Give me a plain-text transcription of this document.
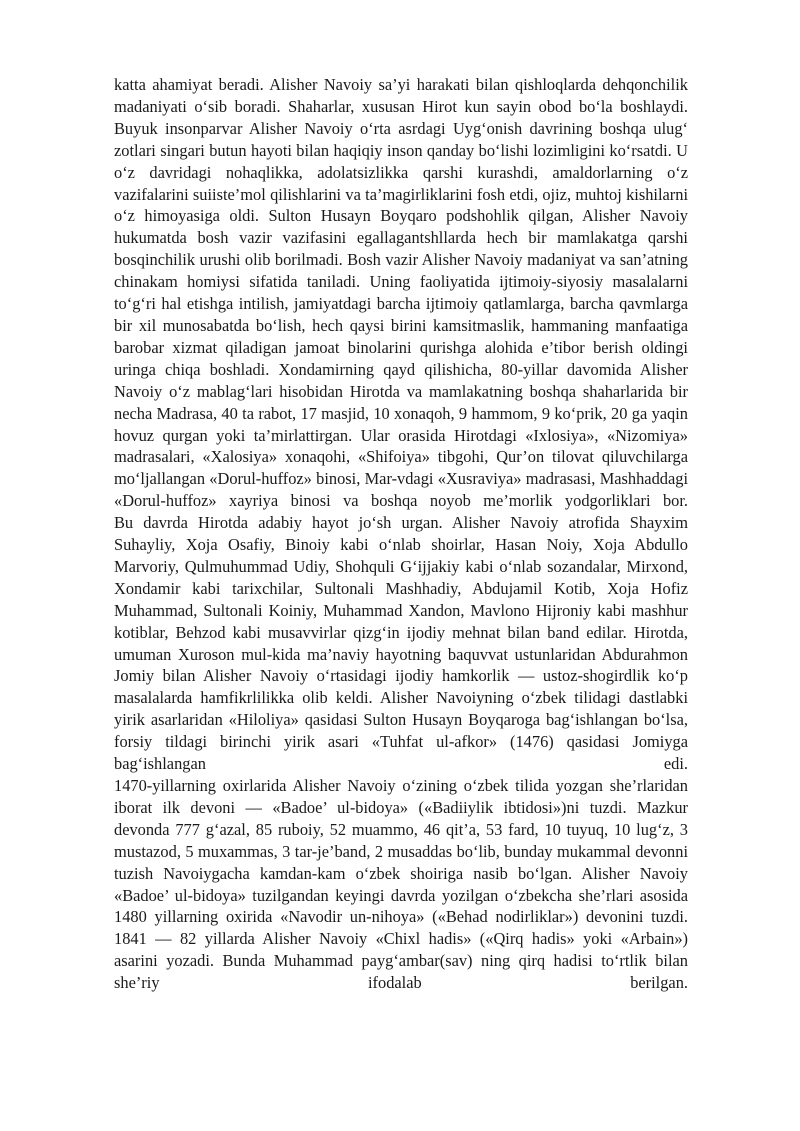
katta ahamiyat beradi. Alisher Navoiy sa’yi harakati bilan qishloqlarda dehqonchilik madaniyati o‘sib boradi. Shaharlar, xususan Hirot kun sayin obod bo‘la boshlaydi.

Buyuk insonparvar Alisher Navoiy o‘rta asrdagi Uyg‘onish davrining boshqa ulug‘ zotlari singari butun hayoti bilan haqiqiy inson qanday bo‘lishi lozimligini ko‘rsatdi. U o‘z davridagi nohaqlikka, adolatsizlikka qarshi kurashdi, amaldorlarning o‘z vazifalarini suiiste’mol qilishlarini va ta’magirliklarini fosh etdi, ojiz, muhtoj kishilarni o‘z himoyasiga oldi. Sulton Husayn Boyqaro podshohlik qilgan, Alisher Navoiy hukumatda bosh vazir vazifasini egallagantshllarda hech bir mamlakatga qarshi bosqinchilik urushi olib borilmadi. Bosh vazir Alisher Navoiy madaniyat va san’atning chinakam homiysi sifatida taniladi. Uning faoliyatida ijtimoiy-siyosiy masalalarni to‘g‘ri hal etishga intilish, jamiyatdagi barcha ijtimoiy qatlamlarga, barcha qavmlarga bir xil munosabatda bo‘lish, hech qaysi birini kamsitmaslik, hammaning manfaatiga barobar xizmat qiladigan jamoat binolarini qurishga alohida e’tibor berish oldingi uringa chiqa boshladi. Xondamirning qayd qilishicha, 80-yillar davomida Alisher Navoiy o‘z mablag‘lari hisobidan Hirotda va mamlakatning boshqa shaharlarida bir necha Madrasa, 40 ta rabot, 17 masjid, 10 xonaqoh, 9 hammom, 9 ko‘prik, 20 ga yaqin hovuz qurgan yoki ta’mirlattirgan. Ular orasida Hirotdagi «Ixlosiya», «Nizomiya» madrasalari, «Xalosiya» xonaqohi, «Shifoiya» tibgohi, Qur’on tilovat qiluvchilarga mo‘ljallangan «Dorul-huffoz» binosi, Mar-vdagi «Xusraviya» madrasasi, Mashhaddagi «Dorul-huffoz» xayriya binosi va boshqa noyob me’morlik yodgorliklari bor.

Bu davrda Hirotda adabiy hayot jo‘sh urgan. Alisher Navoiy atrofida Shayxim Suhayliy, Xoja Osafiy, Binoiy kabi o‘nlab shoirlar, Hasan Noiy, Xoja Abdullo Marvoriy, Qulmuhummad Udiy, Shohquli G‘ijjakiy kabi o‘nlab sozandalar, Mirxond, Xondamir kabi tarixchilar, Sultonali Mashhadiy, Abdujamil Kotib, Xoja Hofiz Muhammad, Sultonali Koiniy, Muhammad Xandon, Mavlono Hijroniy kabi mashhur kotiblar, Behzod kabi musavvirlar qizg‘in ijodiy mehnat bilan band edilar. Hirotda, umuman Xuroson mul-kida ma’naviy hayotning baquvvat ustunlaridan Abdurahmon Jomiy bilan Alisher Navoiy o‘rtasidagi ijodiy hamkorlik — ustoz-shogirdlik ko‘p masalalarda hamfikrlilikka olib keldi. Alisher Navoiyning o‘zbek tilidagi dastlabki yirik asarlaridan «Hiloliya» qasidasi Sulton Husayn Boyqaroga bag‘ishlangan bo‘lsa, forsiy tildagi birinchi yirik asari «Tuhfat ul-afkor» (1476) qasidasi Jomiyga bag‘ishlangan edi.

1470-yillarning oxirlarida Alisher Navoiy o‘zining o‘zbek tilida yozgan she’rlaridan iborat ilk devoni — «Badoe’ ul-bidoya» («Badiiylik ibtidosi»)ni tuzdi. Mazkur devonda 777 g‘azal, 85 ruboiy, 52 muammo, 46 qit’a, 53 fard, 10 tuyuq, 10 lug‘z, 3 mustazod, 5 muxammas, 3 tar-je’band, 2 musaddas bo‘lib, bunday mukammal devonni tuzish Navoiygacha kamdan-kam o‘zbek shoiriga nasib bo‘lgan. Alisher Navoiy «Badoe’ ul-bidoya» tuzilgandan keyingi davrda yozilgan o‘zbekcha she’rlari asosida 1480 yillarning oxirida «Navodir un-nihoya» («Behad nodirliklar») devonini tuzdi. 1841 — 82 yillarda Alisher Navoiy «Chixl hadis» («Qirq hadis» yoki «Arbain») asarini yozadi. Bunda Muhammad payg‘ambar(sav) ning qirq hadisi to‘rtlik bilan she’riy ifodalab berilgan.
